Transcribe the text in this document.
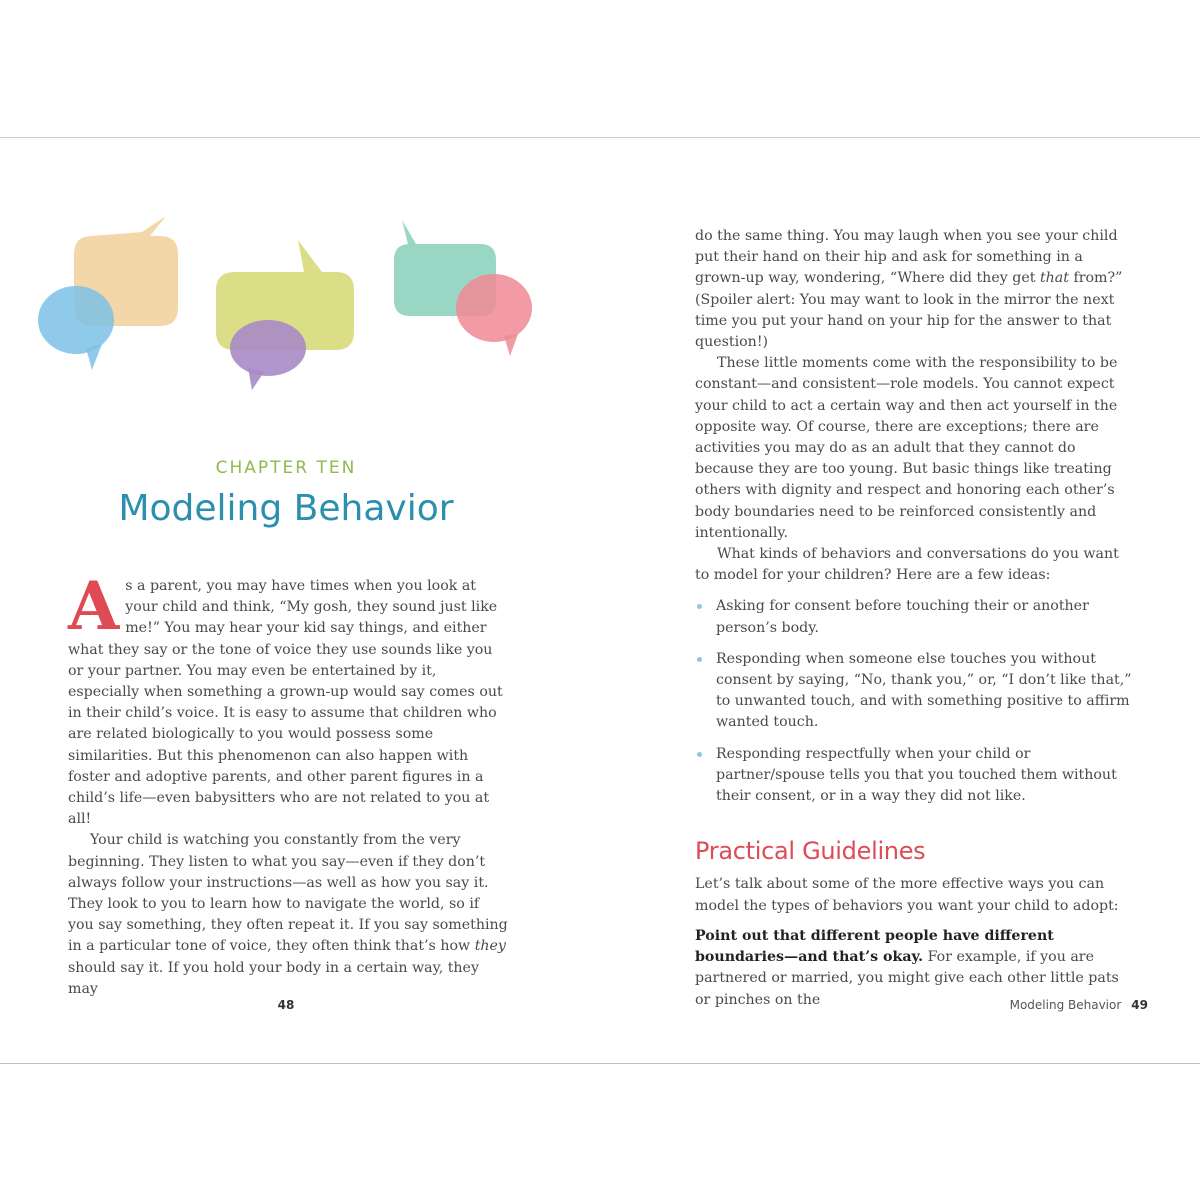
CHAPTER TEN
Modeling Behavior

As a parent, you may have times when you look at your child and think, “My gosh, they sound just like me!” You may hear your kid say things, and either what they say or the tone of voice they use sounds like you or your partner. You may even be entertained by it, especially when something a grown-up would say comes out in their child’s voice. It is easy to assume that children who are related biologically to you would possess some similarities. But this phenomenon can also happen with foster and adoptive parents, and other parent figures in a child’s life—even babysitters who are not related to you at all!

Your child is watching you constantly from the very beginning. They listen to what you say—even if they don’t always follow your instructions—as well as how you say it. They look to you to learn how to navigate the world, so if you say something, they often repeat it. If you say something in a particular tone of voice, they often think that’s how they should say it. If you hold your body in a certain way, they may

48

do the same thing. You may laugh when you see your child put their hand on their hip and ask for something in a grown-up way, wondering, “Where did they get that from?” (Spoiler alert: You may want to look in the mirror the next time you put your hand on your hip for the answer to that question!)

These little moments come with the responsibility to be constant—and consistent—role models. You cannot expect your child to act a certain way and then act yourself in the opposite way. Of course, there are exceptions; there are activities you may do as an adult that they cannot do because they are too young. But basic things like treating others with dignity and respect and honoring each other’s body boundaries need to be reinforced consistently and intentionally.

What kinds of behaviors and conversations do you want to model for your children? Here are a few ideas:

Asking for consent before touching their or another person’s body.
Responding when someone else touches you without consent by saying, “No, thank you,” or, “I don’t like that,” to unwanted touch, and with something positive to affirm wanted touch.
Responding respectfully when your child or partner/spouse tells you that you touched them without their consent, or in a way they did not like.
Practical Guidelines

Let’s talk about some of the more effective ways you can model the types of behaviors you want your child to adopt:

Point out that different people have different boundaries—and that’s okay. For example, if you are partnered or married, you might give each other little pats or pinches on the	Modeling Behavior 49
